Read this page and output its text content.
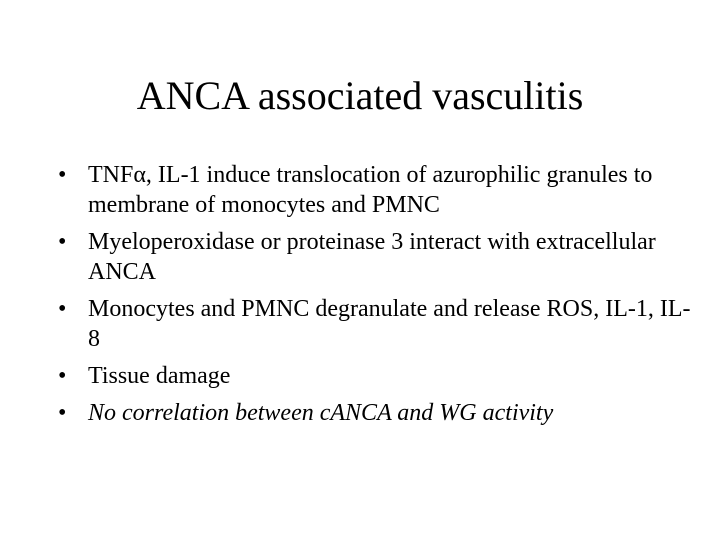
ANCA associated vasculitis
• TNFα, IL-1 induce translocation of azurophilic granules to membrane of monocytes and PMNC
• Myeloperoxidase or proteinase 3 interact with extracellular ANCA
• Monocytes and PMNC degranulate and release ROS, IL-1, IL-8
• Tissue damage
• No correlation between cANCA and WG activity
